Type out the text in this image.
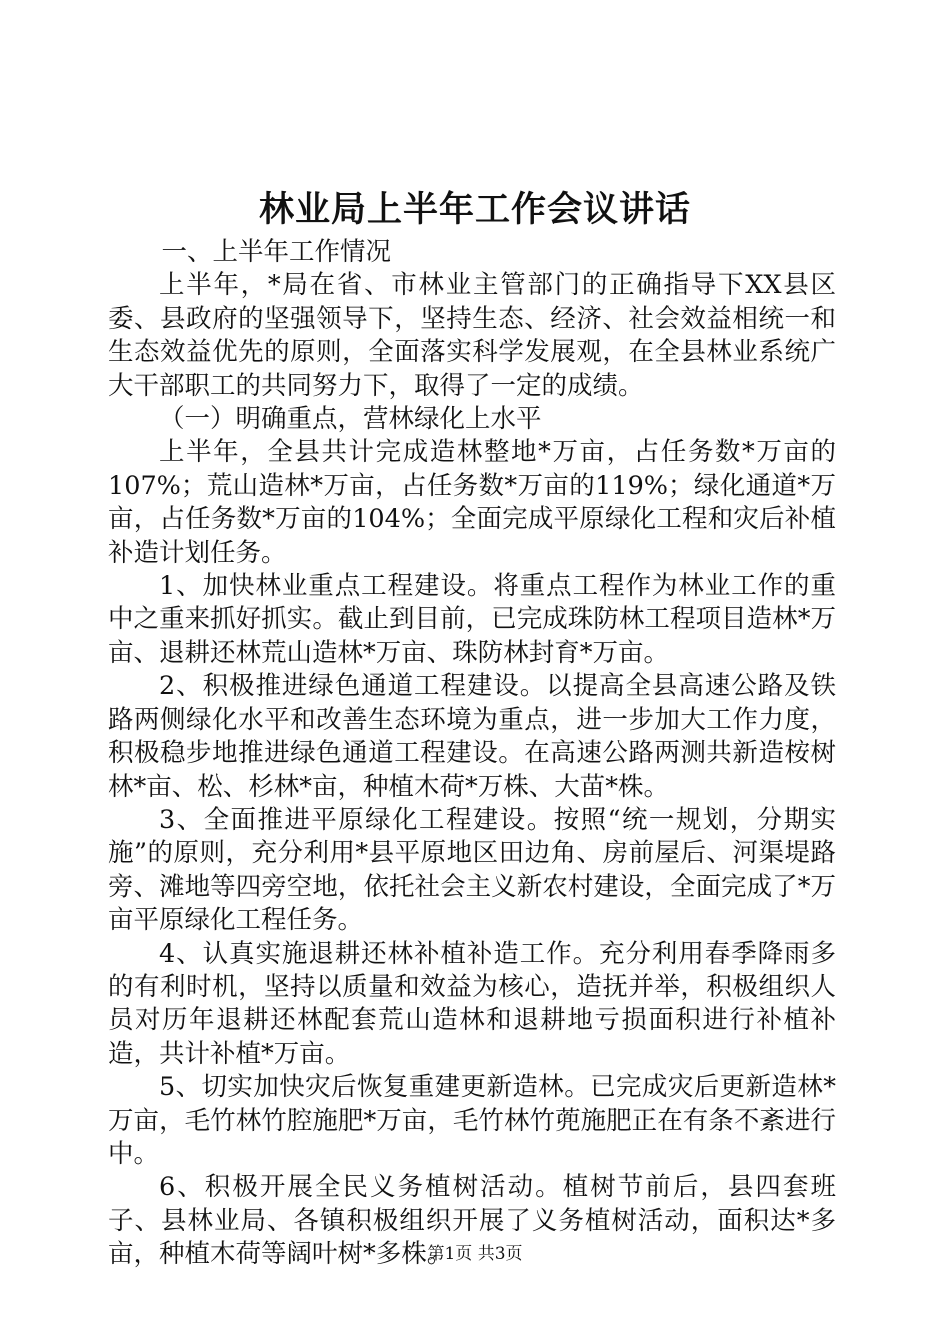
林业局上半年工作会议讲话

一、上半年工作情况

上半年，*局在省、市林业主管部门的正确指导下XX县区委、县政府的坚强领导下，坚持生态、经济、社会效益相统一和生态效益优先的原则，全面落实科学发展观，在全县林业系统广大干部职工的共同努力下，取得了一定的成绩。

（一）明确重点，营林绿化上水平

上半年，全县共计完成造林整地*万亩，占任务数*万亩的107%；荒山造林*万亩，占任务数*万亩的119%；绿化通道*万亩，占任务数*万亩的104%；全面完成平原绿化工程和灾后补植补造计划任务。

1、加快林业重点工程建设。将重点工程作为林业工作的重中之重来抓好抓实。截止到目前，已完成珠防林工程项目造林*万亩、退耕还林荒山造林*万亩、珠防林封育*万亩。

2、积极推进绿色通道工程建设。以提高全县高速公路及铁路两侧绿化水平和改善生态环境为重点，进一步加大工作力度，积极稳步地推进绿色通道工程建设。在高速公路两测共新造桉树林*亩、松、杉林*亩，种植木荷*万株、大苗*株。

3、全面推进平原绿化工程建设。按照“统一规划，分期实施”的原则，充分利用*县平原地区田边角、房前屋后、河渠堤路旁、滩地等四旁空地，依托社会主义新农村建设，全面完成了*万亩平原绿化工程任务。

4、认真实施退耕还林补植补造工作。充分利用春季降雨多的有利时机，坚持以质量和效益为核心，造抚并举，积极组织人员对历年退耕还林配套荒山造林和退耕地亏损面积进行补植补造，共计补植*万亩。

5、切实加快灾后恢复重建更新造林。已完成灾后更新造林*万亩，毛竹林竹腔施肥*万亩，毛竹林竹蔸施肥正在有条不紊进行中。

6、积极开展全民义务植树活动。植树节前后，县四套班子、县林业局、各镇积极组织开展了义务植树活动，面积达*多亩，种植木荷等阔叶树*多株。

第1页 共3页
